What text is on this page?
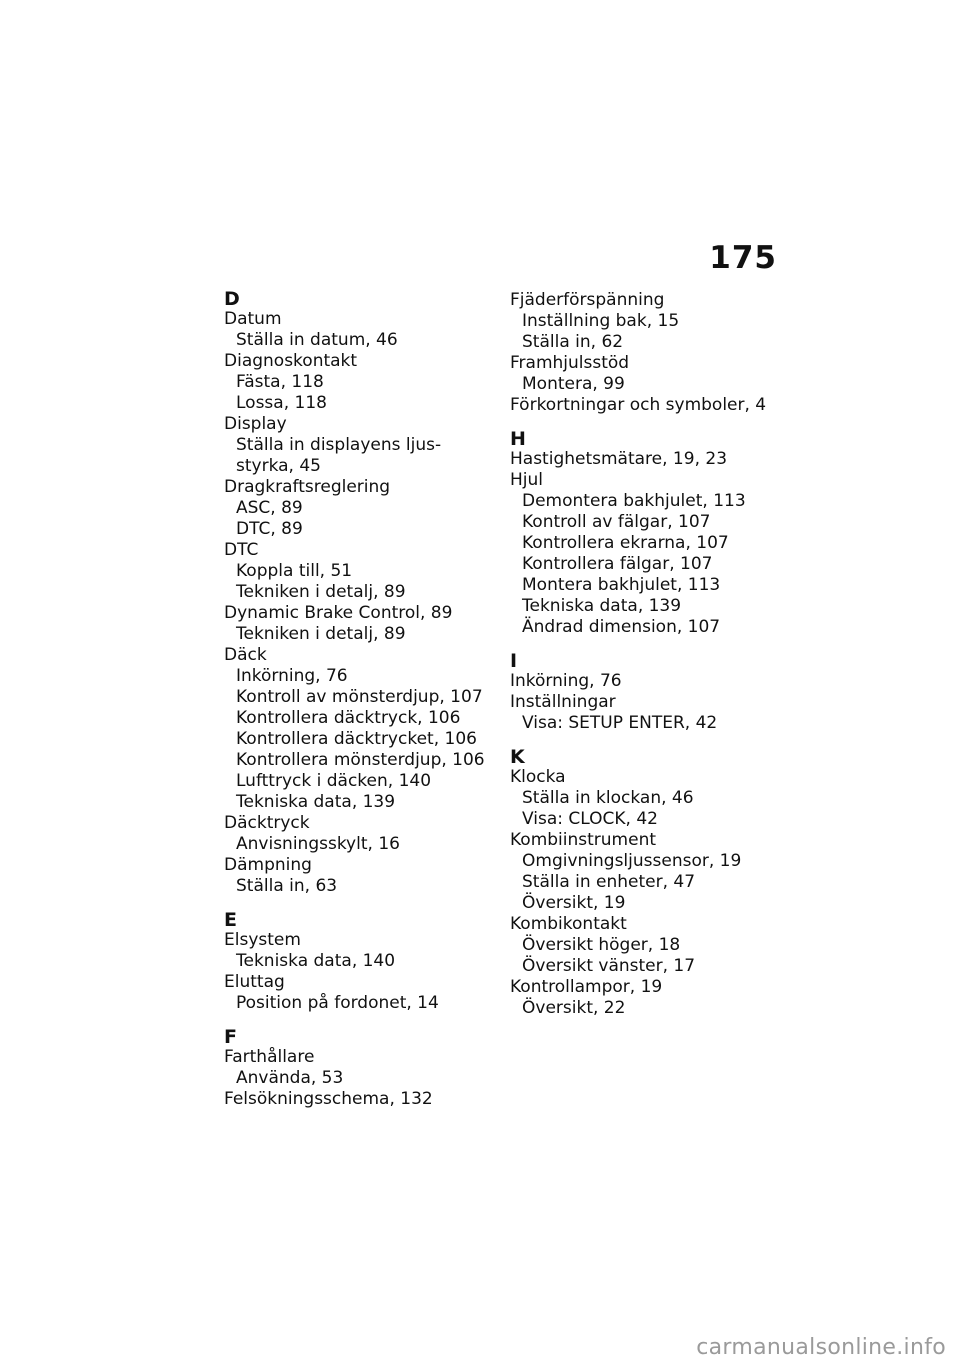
175
D
Datum
Ställa in datum, 46
Diagnoskontakt
Fästa, 118
Lossa, 118
Display
Ställa in displayens ljus-
styrka, 45
Dragkraftsreglering
ASC, 89
DTC, 89
DTC
Koppla till, 51
Tekniken i detalj, 89
Dynamic Brake Control, 89
Tekniken i detalj, 89
Däck
Inkörning, 76
Kontroll av mönsterdjup, 107
Kontrollera däcktryck, 106
Kontrollera däcktrycket, 106
Kontrollera mönsterdjup, 106
Lufttryck i däcken, 140
Tekniska data, 139
Däcktryck
Anvisningsskylt, 16
Dämpning
Ställa in, 63
E
Elsystem
Tekniska data, 140
Eluttag
Position på fordonet, 14
F
Farthållare
Använda, 53
Felsökningsschema, 132
Fjäderförspänning
Inställning bak, 15
Ställa in, 62
Framhjulsstöd
Montera, 99
Förkortningar och symboler, 4
H
Hastighetsmätare, 19, 23
Hjul
Demontera bakhjulet, 113
Kontroll av fälgar, 107
Kontrollera ekrarna, 107
Kontrollera fälgar, 107
Montera bakhjulet, 113
Tekniska data, 139
Ändrad dimension, 107
I
Inkörning, 76
Inställningar
Visa: SETUP ENTER, 42
K
Klocka
Ställa in klockan, 46
Visa: CLOCK, 42
Kombiinstrument
Omgivningsljussensor, 19
Ställa in enheter, 47
Översikt, 19
Kombikontakt
Översikt höger, 18
Översikt vänster, 17
Kontrollampor, 19
Översikt, 22
carmanualsonline.info
